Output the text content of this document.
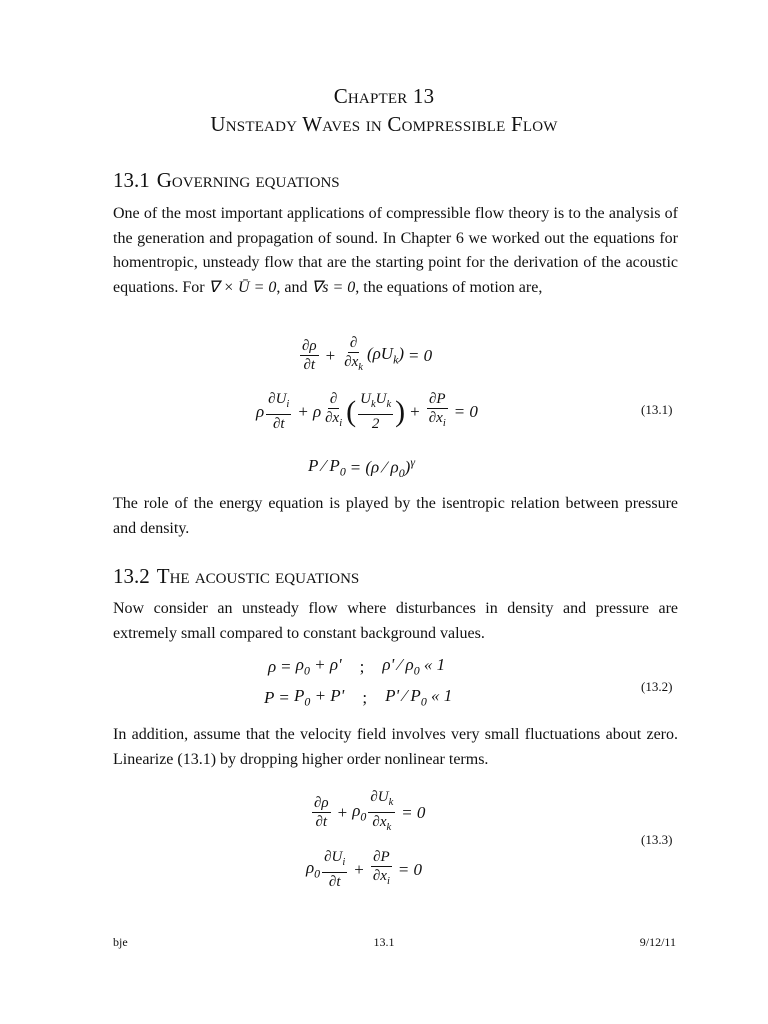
Chapter 13
Unsteady Waves in Compressible Flow
13.1 Governing equations
One of the most important applications of compressible flow theory is to the analysis of the generation and propagation of sound. In Chapter 6 we worked out the equations for homentropic, unsteady flow that are the starting point for the derivation of the acoustic equations. For ∇ × Ū = 0, and ∇s = 0, the equations of motion are,
$\frac{\partial\rho}{\partial t} + \frac{\partial}{\partial x_k} (\rho U_k) = 0$
ρ $\frac{\partial U_i}{\partial t} + \rho \frac{\partial}{\partial x_i}$ ( $\frac{U_kU_k}{2}$ ) + $\frac{\partial P}{\partial x_i} = 0$	(13.1)
P ⁄ $P_0 = (\rho$ ⁄ $\rho_0)^\gamma$
The role of the energy equation is played by the isentropic relation between pressure and density.
13.2 The acoustic equations
Now consider an unsteady flow where disturbances in density and pressure are extremely small compared to constant background values.
$\rho = \rho_0 + \rho'$ ; ρ' ⁄ $\rho_0$ « 1
$P = P_0 + P'$ ; P' ⁄ $P_0$ « 1	(13.2)
In addition, assume that the velocity field involves very small fluctuations about zero. Linearize (13.1) by dropping higher order nonlinear terms.
$\frac{\partial\rho}{\partial t} + \rho_0 \frac{\partial U_k}{\partial x_k} = 0$
$\rho_0 \frac{\partial U_i}{\partial t} + \frac{\partial P}{\partial x_i} = 0$
(13.3)
bje	13.1	9/12/11
